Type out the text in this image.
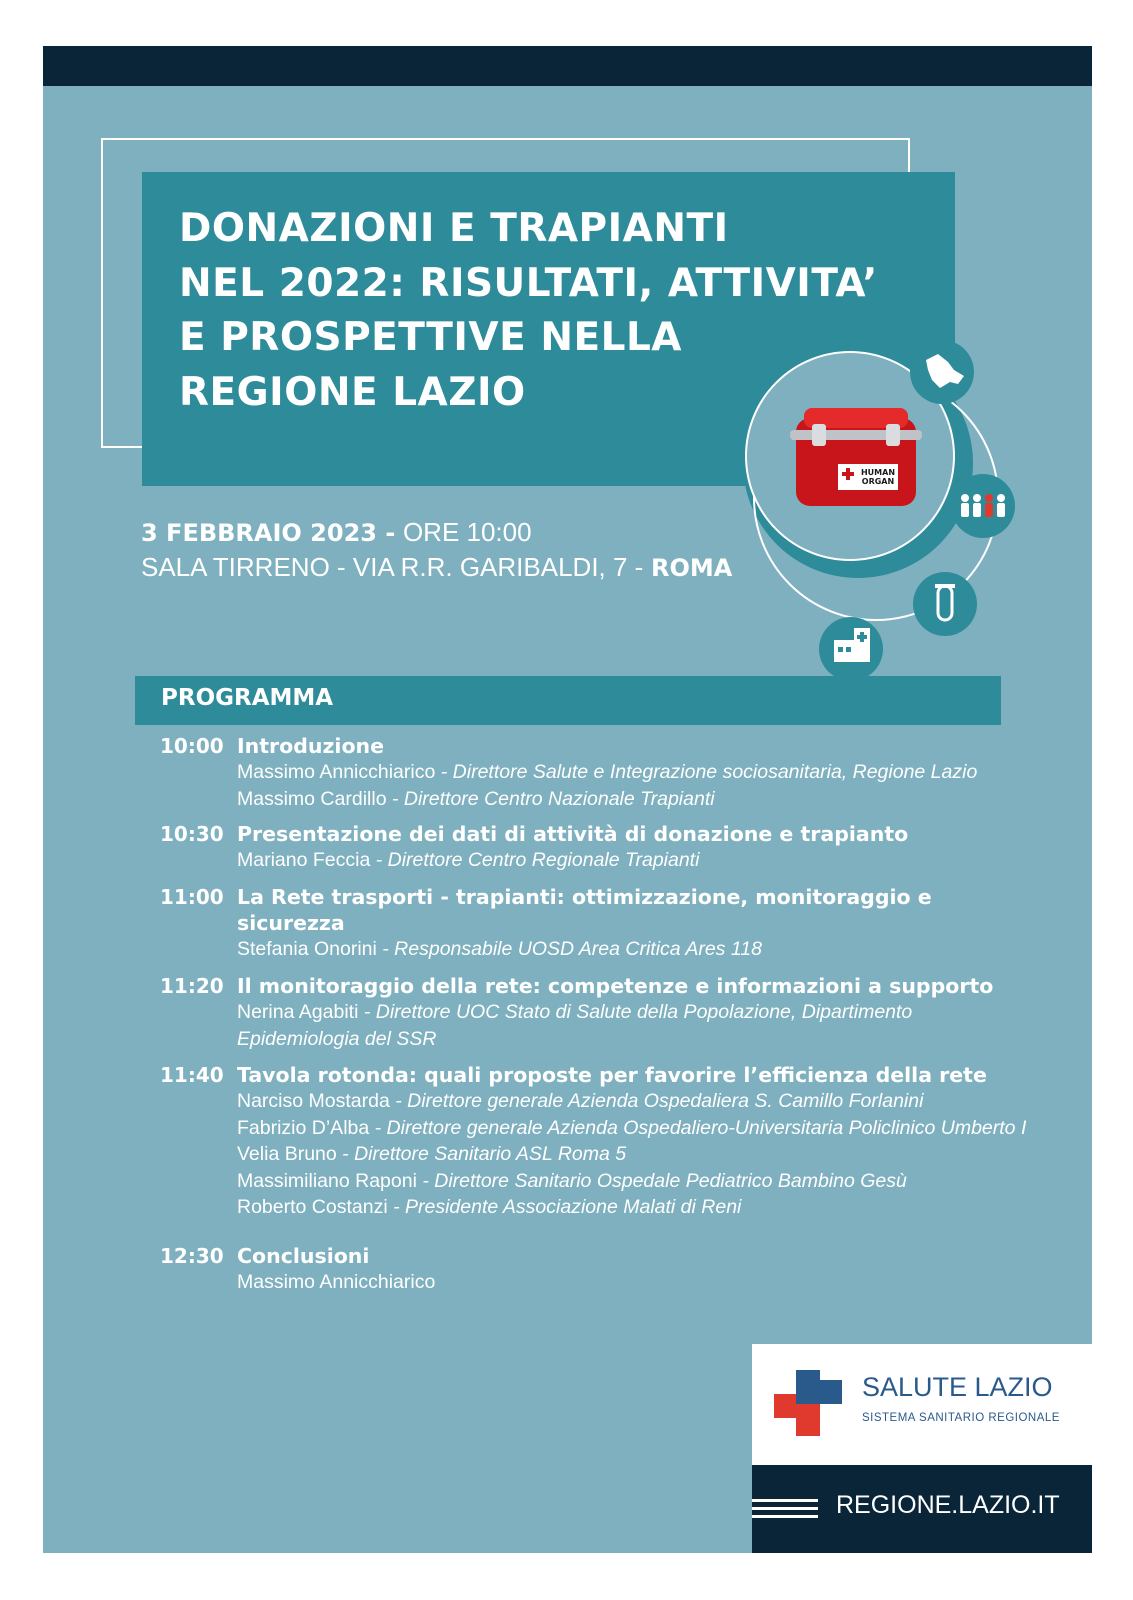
DONAZIONI E TRAPIANTI
NEL 2022: RISULTATI, ATTIVITA’
E PROSPETTIVE NELLA
REGIONE LAZIO
HUMAN
ORGAN
3 FEBBRAIO 2023 - ORE 10:00
SALA TIRRENO - VIA R.R. GARIBALDI, 7 - ROMA
PROGRAMMA
10:00 Introduzione
Massimo Annicchiarico - Direttore Salute e Integrazione sociosanitaria, Regione Lazio
Massimo Cardillo - Direttore Centro Nazionale Trapianti
10:30 Presentazione dei dati di attività di donazione e trapianto
Mariano Feccia - Direttore Centro Regionale Trapianti
11:00 La Rete trasporti - trapianti: ottimizzazione, monitoraggio e sicurezza
Stefania Onorini - Responsabile UOSD Area Critica Ares 118
11:20 Il monitoraggio della rete: competenze e informazioni a supporto
Nerina Agabiti - Direttore UOC Stato di Salute della Popolazione, Dipartimento
Epidemiologia del SSR
11:40 Tavola rotonda: quali proposte per favorire l’efficienza della rete
Narciso Mostarda - Direttore generale Azienda Ospedaliera S. Camillo Forlanini
Fabrizio D’Alba - Direttore generale Azienda Ospedaliero-Universitaria Policlinico Umberto I
Velia Bruno - Direttore Sanitario ASL Roma 5
Massimiliano Raponi - Direttore Sanitario Ospedale Pediatrico Bambino Gesù
Roberto Costanzi - Presidente Associazione Malati di Reni
12:30 Conclusioni
Massimo Annicchiarico
SALUTE LAZIO
SISTEMA SANITARIO REGIONALE
REGIONE.LAZIO.IT
